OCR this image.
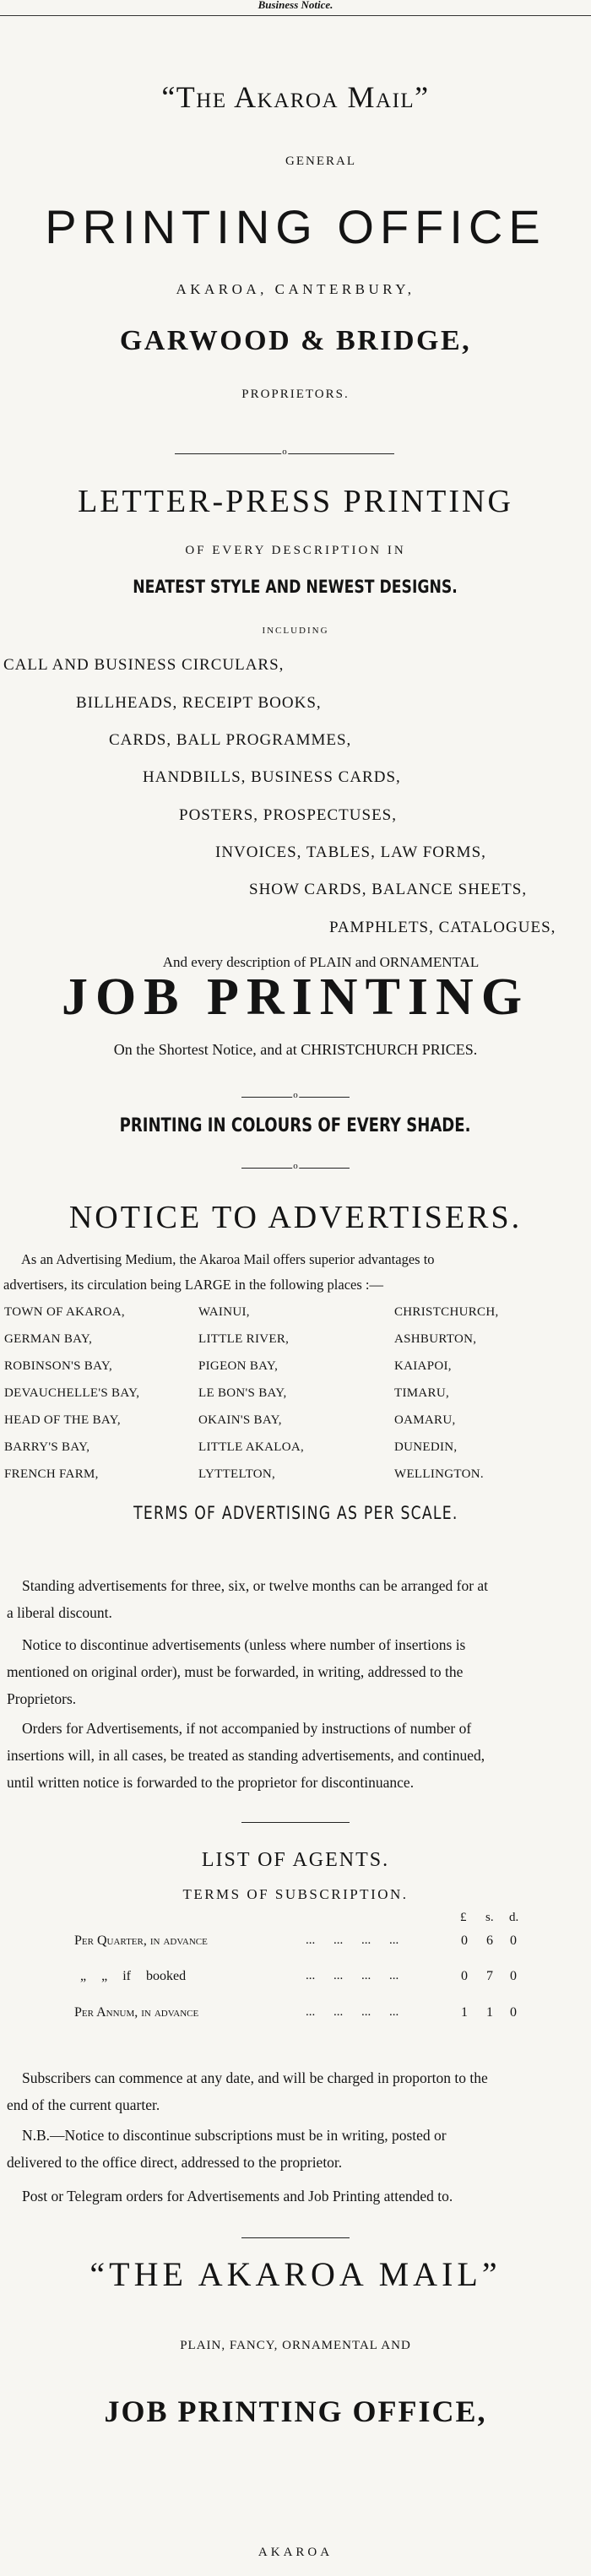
Business Notice.
“The Akaroa Mail”
GENERAL
PRINTING OFFICE
AKAROA, CANTERBURY,
GARWOOD & BRIDGE,
PROPRIETORS.
o
LETTER-PRESS PRINTING
OF EVERY DESCRIPTION IN
NEATEST STYLE AND NEWEST DESIGNS.
INCLUDING
CALL AND BUSINESS CIRCULARS,
BILLHEADS, RECEIPT BOOKS,
CARDS, BALL PROGRAMMES,
HANDBILLS, BUSINESS CARDS,
POSTERS, PROSPECTUSES,
INVOICES, TABLES, LAW FORMS,
SHOW CARDS, BALANCE SHEETS,
PAMPHLETS, CATALOGUES,
And every description of PLAIN and ORNAMENTAL
JOB PRINTING
On the Shortest Notice, and at CHRISTCHURCH PRICES.
o
PRINTING IN COLOURS OF EVERY SHADE.
o
NOTICE TO ADVERTISERS.
As an Advertising Medium, the Akaroa Mail offers superior advantages to
advertisers, its circulation being LARGE in the following places :—
TOWN OF AKAROA,	WAINUI,	CHRISTCHURCH,
GERMAN BAY,	LITTLE RIVER,	ASHBURTON,
ROBINSON'S BAY,	PIGEON BAY,	KAIAPOI,
DEVAUCHELLE'S BAY,	LE BON'S BAY,	TIMARU,
HEAD OF THE BAY,	OKAIN'S BAY,	OAMARU,
BARRY'S BAY,	LITTLE AKALOA,	DUNEDIN,
FRENCH FARM,	LYTTELTON,	WELLINGTON.
TERMS OF ADVERTISING AS PER SCALE.
Standing advertisements for three, six, or twelve months can be arranged for at
a liberal discount.
Notice to discontinue advertisements (unless where number of insertions is
mentioned on original order), must be forwarded, in writing, addressed to the
Proprietors.
Orders for Advertisements, if not accompanied by instructions of number of
insertions will, in all cases, be treated as standing advertisements, and continued,
until written notice is forwarded to the proprietor for discontinuance.
LIST OF AGENTS.
TERMS OF SUBSCRIPTION.
£ s. d.
Per Quarter, in advance	... ... ... ...	0 6 0
„ „ if booked	... ... ... ...	0 7 0
Per Annum, in advance	... ... ... ...	1 1 0
Subscribers can commence at any date, and will be charged in proporton to the
end of the current quarter.
N.B.—Notice to discontinue subscriptions must be in writing, posted or
delivered to the office direct, addressed to the proprietor.
Post or Telegram orders for Advertisements and Job Printing attended to.
“THE AKAROA MAIL”
PLAIN, FANCY, ORNAMENTAL AND
JOB PRINTING OFFICE,
AKAROA
